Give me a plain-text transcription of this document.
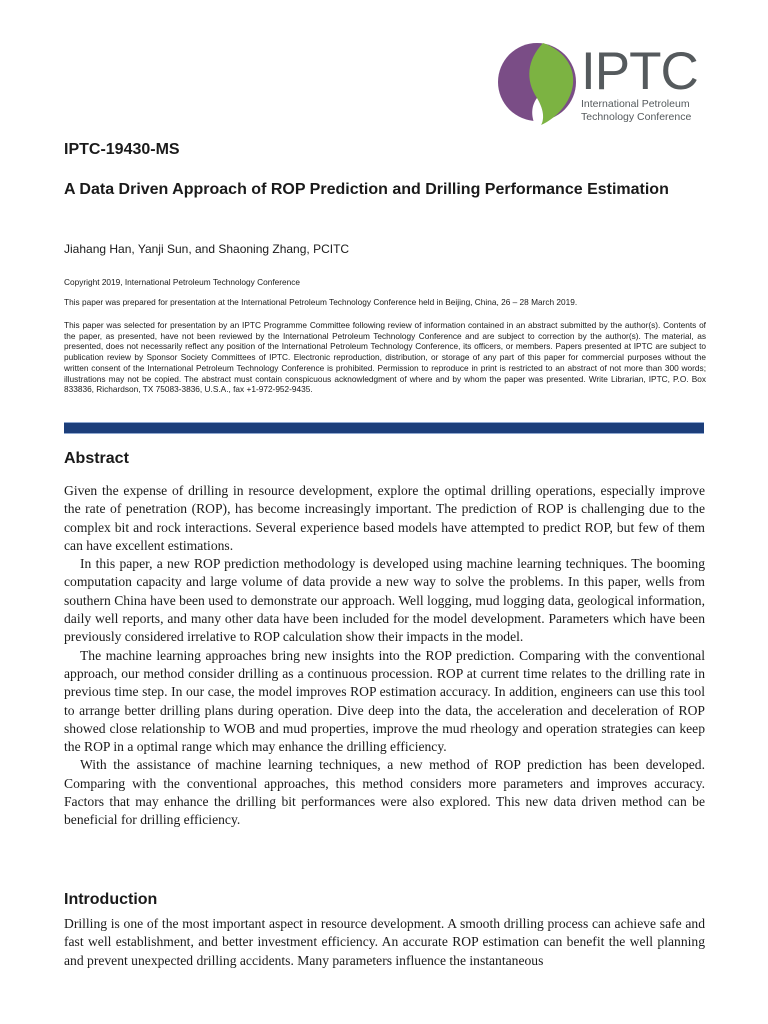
IPTC
International Petroleum
Technology Conference
IPTC-19430-MS
A Data Driven Approach of ROP Prediction and Drilling Performance Estimation
Jiahang Han, Yanji Sun, and Shaoning Zhang, PCITC
Copyright 2019, International Petroleum Technology Conference
This paper was prepared for presentation at the International Petroleum Technology Conference held in Beijing, China, 26 – 28 March 2019.
This paper was selected for presentation by an IPTC Programme Committee following review of information contained in an abstract submitted by the author(s). Contents of the paper, as presented, have not been reviewed by the International Petroleum Technology Conference and are subject to correction by the author(s). The material, as presented, does not necessarily reflect any position of the International Petroleum Technology Conference, its officers, or members. Papers presented at IPTC are subject to publication review by Sponsor Society Committees of IPTC. Electronic reproduction, distribution, or storage of any part of this paper for commercial purposes without the written consent of the International Petroleum Technology Conference is prohibited. Permission to reproduce in print is restricted to an abstract of not more than 300 words; illustrations may not be copied. The abstract must contain conspicuous acknowledgment of where and by whom the paper was presented. Write Librarian, IPTC, P.O. Box 833836, Richardson, TX 75083-3836, U.S.A., fax +1-972-952-9435.
Abstract

Given the expense of drilling in resource development, explore the optimal drilling operations, especially improve the rate of penetration (ROP), has become increasingly important. The prediction of ROP is challenging due to the complex bit and rock interactions. Several experience based models have attempted to predict ROP, but few of them can have excellent estimations.

In this paper, a new ROP prediction methodology is developed using machine learning techniques. The booming computation capacity and large volume of data provide a new way to solve the problems. In this paper, wells from southern China have been used to demonstrate our approach. Well logging, mud logging data, geological information, daily well reports, and many other data have been included for the model development. Parameters which have been previously considered irrelative to ROP calculation show their impacts in the model.

The machine learning approaches bring new insights into the ROP prediction. Comparing with the conventional approach, our method consider drilling as a continuous procession. ROP at current time relates to the drilling rate in previous time step. In our case, the model improves ROP estimation accuracy. In addition, engineers can use this tool to arrange better drilling plans during operation. Dive deep into the data, the acceleration and deceleration of ROP showed close relationship to WOB and mud properties, improve the mud rheology and operation strategies can keep the ROP in a optimal range which may enhance the drilling efficiency.

With the assistance of machine learning techniques, a new method of ROP prediction has been developed. Comparing with the conventional approaches, this method considers more parameters and improves accuracy. Factors that may enhance the drilling bit performances were also explored. This new data driven method can be beneficial for drilling efficiency.

Introduction

Drilling is one of the most important aspect in resource development. A smooth drilling process can achieve safe and fast well establishment, and better investment efficiency. An accurate ROP estimation can benefit the well planning and prevent unexpected drilling accidents. Many parameters influence the instantaneous
